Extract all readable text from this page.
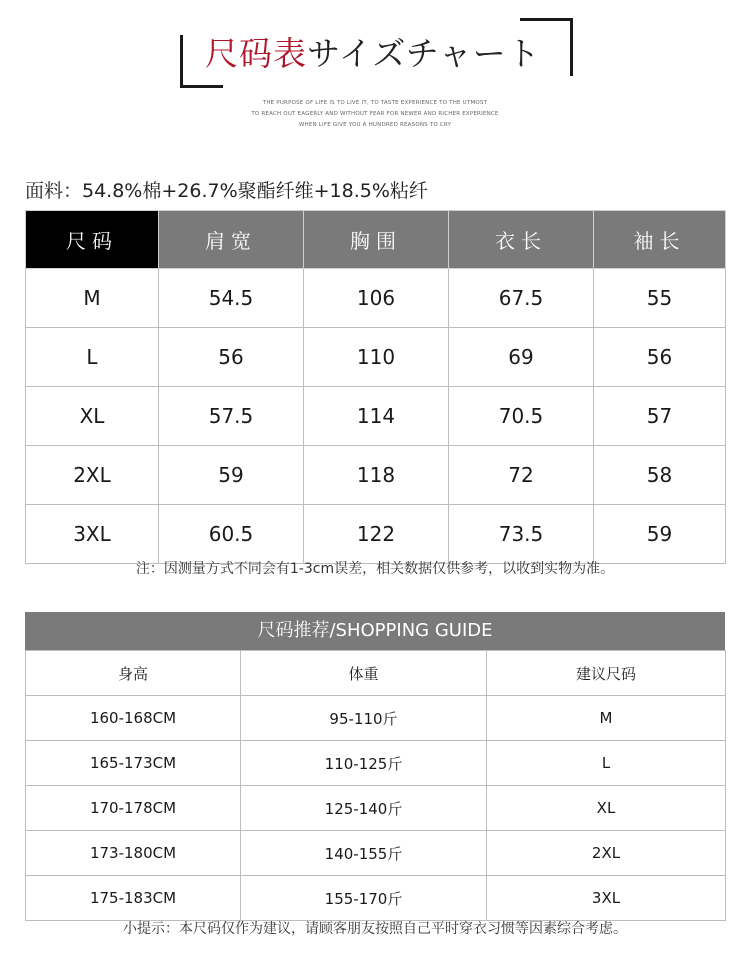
尺码表サイズチャート
THE PURPOSE OF LIFE IS TO LIVE IT, TO TASTE EXPERIENCE TO THE UTMOST
TO REACH OUT EAGERLY AND WITHOUT FEAR FOR NEWER AND RICHER EXPERIENCE
WHEN LIFE GIVE YOU A HUNDRED REASONS TO CRY
面料：54.8%棉+26.7%聚酯纤维+18.5%粘纤
尺码	肩宽	胸围	衣长	袖长
M	54.5	106	67.5	55
L	56	110	69	56
XL	57.5	114	70.5	57
2XL	59	118	72	58
3XL	60.5	122	73.5	59
注：因测量方式不同会有1-3cm误差，相关数据仅供参考，以收到实物为准。
尺码推荐/SHOPPING GUIDE
身高	体重	建议尺码
160-168CM	95-110斤	M
165-173CM	110-125斤	L
170-178CM	125-140斤	XL
173-180CM	140-155斤	2XL
175-183CM	155-170斤	3XL
小提示：本尺码仅作为建议，请顾客朋友按照自己平时穿衣习惯等因素综合考虑。
